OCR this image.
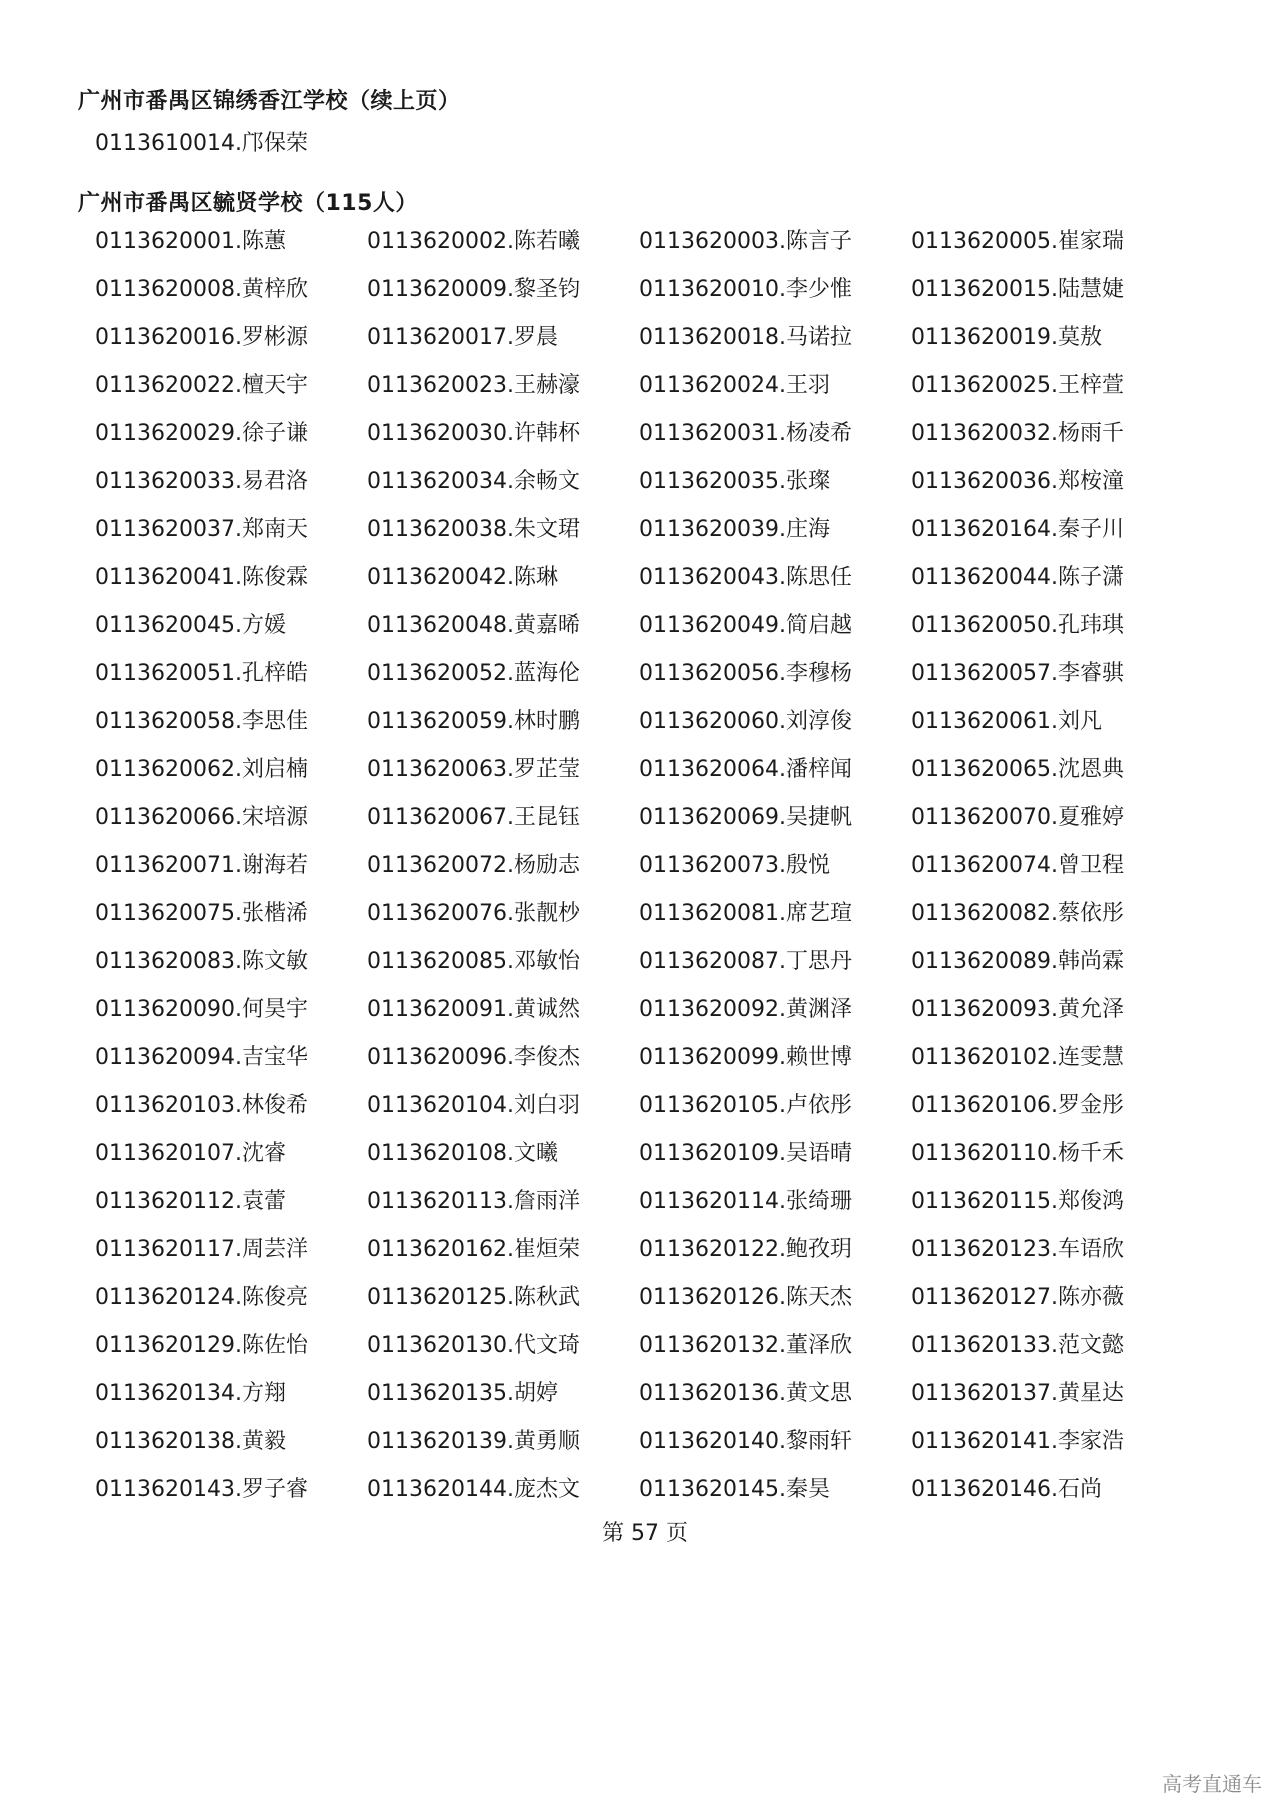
广州市番禺区锦绣香江学校（续上页）
0113610014.邝保荣
广州市番禺区毓贤学校（115人）
0113620001.陈蕙	0113620002.陈若曦	0113620003.陈言子	0113620005.崔家瑞
0113620008.黄梓欣	0113620009.黎圣钧	0113620010.李少惟	0113620015.陆慧婕
0113620016.罗彬源	0113620017.罗晨	0113620018.马诺拉	0113620019.莫敖
0113620022.檀天宇	0113620023.王赫濠	0113620024.王羽	0113620025.王梓萱
0113620029.徐子谦	0113620030.许韩杯	0113620031.杨凌希	0113620032.杨雨千
0113620033.易君洛	0113620034.余畅文	0113620035.张璨	0113620036.郑桉潼
0113620037.郑南天	0113620038.朱文珺	0113620039.庄海	0113620164.秦子川
0113620041.陈俊霖	0113620042.陈琳	0113620043.陈思任	0113620044.陈子潇
0113620045.方媛	0113620048.黄嘉晞	0113620049.简启越	0113620050.孔玮琪
0113620051.孔梓皓	0113620052.蓝海伦	0113620056.李穆杨	0113620057.李睿骐
0113620058.李思佳	0113620059.林时鹏	0113620060.刘淳俊	0113620061.刘凡
0113620062.刘启楠	0113620063.罗芷莹	0113620064.潘梓闻	0113620065.沈恩典
0113620066.宋培源	0113620067.王昆钰	0113620069.吴捷帆	0113620070.夏雅婷
0113620071.谢海若	0113620072.杨励志	0113620073.殷悦	0113620074.曾卫程
0113620075.张楷浠	0113620076.张靓杪	0113620081.席艺瑄	0113620082.蔡依彤
0113620083.陈文敏	0113620085.邓敏怡	0113620087.丁思丹	0113620089.韩尚霖
0113620090.何昊宇	0113620091.黄诚然	0113620092.黄渊泽	0113620093.黄允泽
0113620094.吉宝华	0113620096.李俊杰	0113620099.赖世博	0113620102.连雯慧
0113620103.林俊希	0113620104.刘白羽	0113620105.卢依彤	0113620106.罗金彤
0113620107.沈睿	0113620108.文曦	0113620109.吴语晴	0113620110.杨千禾
0113620112.袁蕾	0113620113.詹雨洋	0113620114.张绮珊	0113620115.郑俊鸿
0113620117.周芸洋	0113620162.崔烜荣	0113620122.鲍孜玥	0113620123.车语欣
0113620124.陈俊亮	0113620125.陈秋武	0113620126.陈天杰	0113620127.陈亦薇
0113620129.陈佐怡	0113620130.代文琦	0113620132.董泽欣	0113620133.范文懿
0113620134.方翔	0113620135.胡婷	0113620136.黄文思	0113620137.黄星达
0113620138.黄毅	0113620139.黄勇顺	0113620140.黎雨轩	0113620141.李家浩
0113620143.罗子睿	0113620144.庞杰文	0113620145.秦昊	0113620146.石尚
第 57 页
高考直通车
